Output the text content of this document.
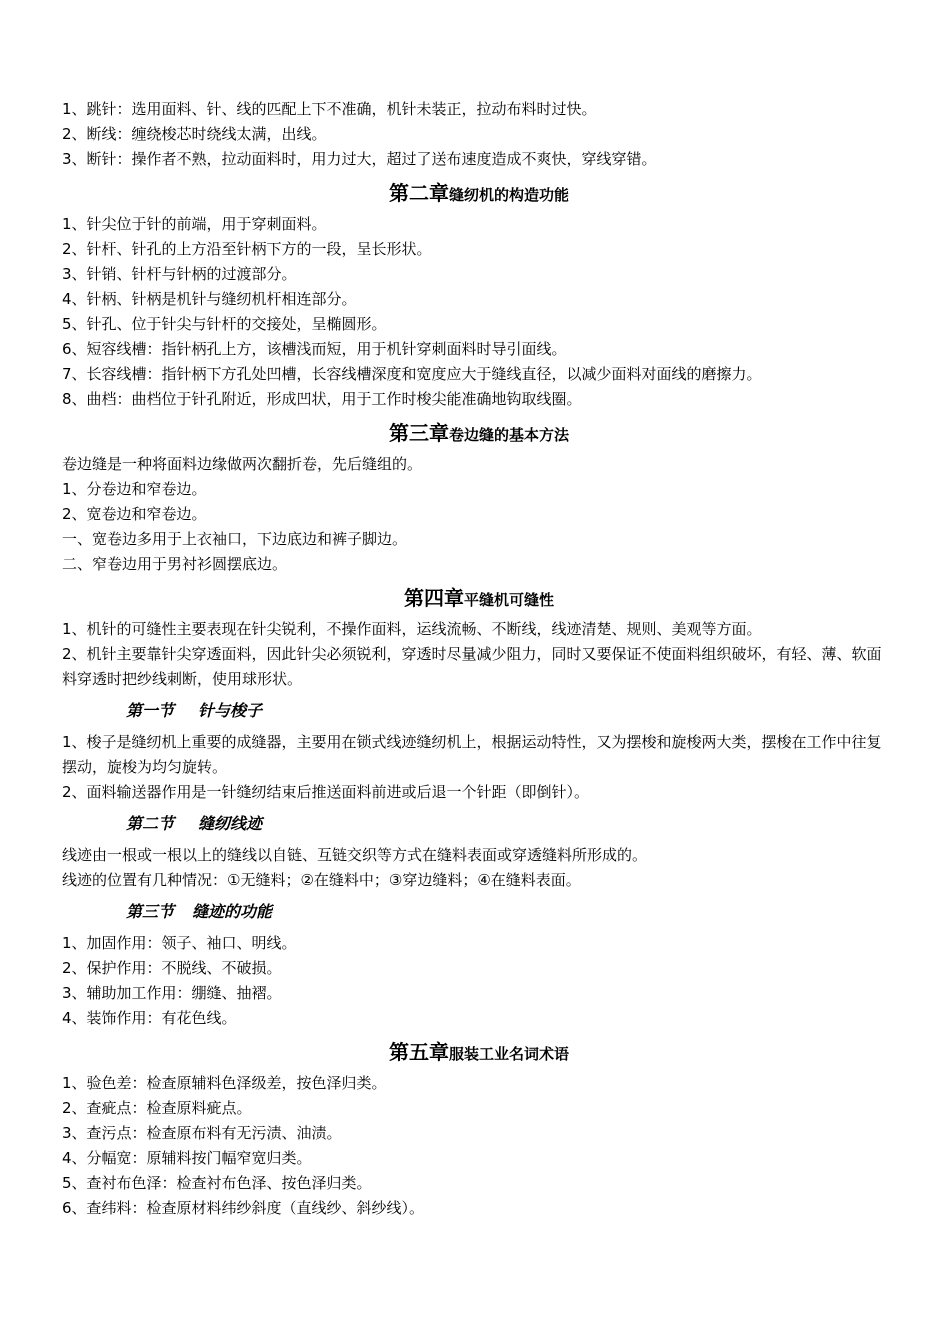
1、跳针：选用面料、针、线的匹配上下不准确，机针未装正，拉动布料时过快。

2、断线：缠绕梭芯时绕线太满，出线。

3、断针：操作者不熟，拉动面料时，用力过大，超过了送布速度造成不爽快，穿线穿错。

第二章缝纫机的构造功能

1、针尖位于针的前端，用于穿刺面料。

2、针杆、针孔的上方沿至针柄下方的一段，呈长形状。

3、针销、针杆与针柄的过渡部分。

4、针柄、针柄是机针与缝纫机杆相连部分。

5、针孔、位于针尖与针杆的交接处，呈椭圆形。

6、短容线槽：指针柄孔上方，该槽浅而短，用于机针穿刺面料时导引面线。

7、长容线槽：指针柄下方孔处凹槽，长容线槽深度和宽度应大于缝线直径，以减少面料对面线的磨擦力。

8、曲档：曲档位于针孔附近，形成凹状，用于工作时梭尖能准确地钩取线圈。

第三章卷边缝的基本方法

卷边缝是一种将面料边缘做两次翻折卷，先后缝组的。

1、分卷边和窄卷边。

2、宽卷边和窄卷边。

一、宽卷边多用于上衣袖口，下边底边和裤子脚边。

二、窄卷边用于男衬衫圆摆底边。

第四章平缝机可缝性

1、机针的可缝性主要表现在针尖锐利，不操作面料，运线流畅、不断线，线迹清楚、规则、美观等方面。

2、机针主要靠针尖穿透面料，因此针尖必须锐利，穿透时尽量减少阻力，同时又要保证不使面料组织破坏，有轻、薄、软面料穿透时把纱线刺断，使用球形状。

第一节 针与梭子

1、梭子是缝纫机上重要的成缝器，主要用在锁式线迹缝纫机上，根据运动特性，又为摆梭和旋梭两大类，摆梭在工作中往复摆动，旋梭为均匀旋转。

2、面料输送器作用是一针缝纫结束后推送面料前进或后退一个针距（即倒针）。

第二节 缝纫线迹

线迹由一根或一根以上的缝线以自链、互链交织等方式在缝料表面或穿透缝料所形成的。

线迹的位置有几种情况：①无缝料；②在缝料中；③穿边缝料；④在缝料表面。

第三节 缝迹的功能

1、加固作用：领子、袖口、明线。

2、保护作用：不脱线、不破损。

3、辅助加工作用：绷缝、抽褶。

4、装饰作用：有花色线。

第五章服装工业名词术语

1、验色差：检查原辅料色泽级差，按色泽归类。

2、查疵点：检查原料疵点。

3、查污点：检查原布料有无污渍、油渍。

4、分幅宽：原辅料按门幅窄宽归类。

5、查衬布色泽：检查衬布色泽、按色泽归类。

6、查纬料：检查原材料纬纱斜度（直线纱、斜纱线）。
